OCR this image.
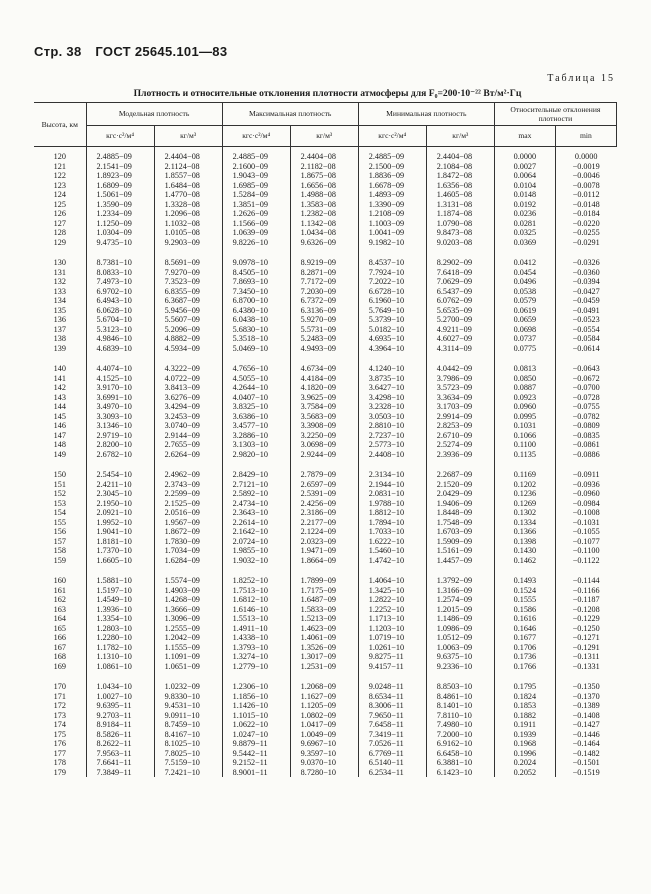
Стр. 38 ГОСТ 25645.101—83
Таблица 15
Плотность и относительные отклонения плотности атмосферы для F₀=200·10⁻²² Вт/м²·Гц
Высота, км	Модельная плотность		Максимальная плотность		Минимальная плотность		Относительные отклонения плотности	
	кгс·с²/м⁴	кг/м³	кгс·с²/м⁴	кг/м³	кгс·с²/м⁴	кг/м³	max	min
120	2.4885−09	2.4404−08	2.4885−09	2.4404−08	2.4885−09	2.4404−08	0.0000	0.0000
121	2.1541−09	2.1124−08	2.1600−09	2.1182−08	2.1500−09	2.1084−08	0.0027	−0.0019
122	1.8923−09	1.8557−08	1.9043−09	1.8675−08	1.8836−09	1.8472−08	0.0064	−0.0046
123	1.6809−09	1.6484−08	1.6985−09	1.6656−08	1.6678−09	1.6356−08	0.0104	−0.0078
124	1.5061−09	1.4770−08	1.5284−09	1.4988−08	1.4893−09	1.4605−08	0.0148	−0.0112
125	1.3590−09	1.3328−08	1.3851−09	1.3583−08	1.3390−09	1.3131−08	0.0192	−0.0148
126	1.2334−09	1.2096−08	1.2626−09	1.2382−08	1.2108−09	1.1874−08	0.0236	−0.0184
127	1.1250−09	1.1032−08	1.1566−09	1.1342−08	1.1003−09	1.0790−08	0.0281	−0.0220
128	1.0304−09	1.0105−08	1.0639−09	1.0434−08	1.0041−09	9.8473−08	0.0325	−0.0255
129	9.4735−10	9.2903−09	9.8226−10	9.6326−09	9.1982−10	9.0203−08	0.0369	−0.0291

130	8.7381−10	8.5691−09	9.0978−10	8.9219−09	8.4537−10	8.2902−09	0.0412	−0.0326
131	8.0833−10	7.9270−09	8.4505−10	8.2871−09	7.7924−10	7.6418−09	0.0454	−0.0360
132	7.4973−10	7.3523−09	7.8693−10	7.7172−09	7.2022−10	7.0629−09	0.0496	−0.0394
133	6.9702−10	6.8355−09	7.3450−10	7.2030−09	6.6728−10	6.5437−09	0.0538	−0.0427
134	6.4943−10	6.3687−09	6.8700−10	6.7372−09	6.1960−10	6.0762−09	0.0579	−0.0459
135	6.0628−10	5.9456−09	6.4380−10	6.3136−09	5.7649−10	5.6535−09	0.0619	−0.0491
136	5.6704−10	5.5607−09	6.0438−10	5.9270−09	5.3739−10	5.2700−09	0.0659	−0.0523
137	5.3123−10	5.2096−09	5.6830−10	5.5731−09	5.0182−10	4.9211−09	0.0698	−0.0554
138	4.9846−10	4.8882−09	5.3518−10	5.2483−09	4.6935−10	4.6027−09	0.0737	−0.0584
139	4.6839−10	4.5934−09	5.0469−10	4.9493−09	4.3964−10	4.3114−09	0.0775	−0.0614

140	4.4074−10	4.3222−09	4.7656−10	4.6734−09	4.1240−10	4.0442−09	0.0813	−0.0643
141	4.1525−10	4.0722−09	4.5055−10	4.4184−09	3.8735−10	3.7986−09	0.0850	−0.0672
142	3.9170−10	3.8413−09	4.2644−10	4.1820−09	3.6427−10	3.5723−09	0.0887	−0.0700
143	3.6991−10	3.6276−09	4.0407−10	3.9625−09	3.4298−10	3.3634−09	0.0923	−0.0728
144	3.4970−10	3.4294−09	3.8325−10	3.7584−09	3.2328−10	3.1703−09	0.0960	−0.0755
145	3.3093−10	3.2453−09	3.6386−10	3.5683−09	3.0503−10	2.9914−09	0.0995	−0.0782
146	3.1346−10	3.0740−09	3.4577−10	3.3908−09	2.8810−10	2.8253−09	0.1031	−0.0809
147	2.9719−10	2.9144−09	3.2886−10	3.2250−09	2.7237−10	2.6710−09	0.1066	−0.0835
148	2.8200−10	2.7655−09	3.1303−10	3.0698−09	2.5773−10	2.5274−09	0.1100	−0.0861
149	2.6782−10	2.6264−09	2.9820−10	2.9244−09	2.4408−10	2.3936−09	0.1135	−0.0886

150	2.5454−10	2.4962−09	2.8429−10	2.7879−09	2.3134−10	2.2687−09	0.1169	−0.0911
151	2.4211−10	2.3743−09	2.7121−10	2.6597−09	2.1944−10	2.1520−09	0.1202	−0.0936
152	2.3045−10	2.2599−09	2.5892−10	2.5391−09	2.0831−10	2.0429−09	0.1236	−0.0960
153	2.1950−10	2.1525−09	2.4734−10	2.4256−09	1.9788−10	1.9406−09	0.1269	−0.0984
154	2.0921−10	2.0516−09	2.3643−10	2.3186−09	1.8812−10	1.8448−09	0.1302	−0.1008
155	1.9952−10	1.9567−09	2.2614−10	2.2177−09	1.7894−10	1.7548−09	0.1334	−0.1031
156	1.9041−10	1.8672−09	2.1642−10	2.1224−09	1.7033−10	1.6703−09	0.1366	−0.1055
157	1.8181−10	1.7830−09	2.0724−10	2.0323−09	1.6222−10	1.5909−09	0.1398	−0.1077
158	1.7370−10	1.7034−09	1.9855−10	1.9471−09	1.5460−10	1.5161−09	0.1430	−0.1100
159	1.6605−10	1.6284−09	1.9032−10	1.8664−09	1.4742−10	1.4457−09	0.1462	−0.1122

160	1.5881−10	1.5574−09	1.8252−10	1.7899−09	1.4064−10	1.3792−09	0.1493	−0.1144
161	1.5197−10	1.4903−09	1.7513−10	1.7175−09	1.3425−10	1.3166−09	0.1524	−0.1166
162	1.4549−10	1.4268−09	1.6812−10	1.6487−09	1.2822−10	1.2574−09	0.1555	−0.1187
163	1.3936−10	1.3666−09	1.6146−10	1.5833−09	1.2252−10	1.2015−09	0.1586	−0.1208
164	1.3354−10	1.3096−09	1.5513−10	1.5213−09	1.1713−10	1.1486−09	0.1616	−0.1229
165	1.2803−10	1.2555−09	1.4911−10	1.4623−09	1.1203−10	1.0986−09	0.1646	−0.1250
166	1.2280−10	1.2042−09	1.4338−10	1.4061−09	1.0719−10	1.0512−09	0.1677	−0.1271
167	1.1782−10	1.1555−09	1.3793−10	1.3526−09	1.0261−10	1.0063−09	0.1706	−0.1291
168	1.1310−10	1.1091−09	1.3274−10	1.3017−09	9.8275−11	9.6375−10	0.1736	−0.1311
169	1.0861−10	1.0651−09	1.2779−10	1.2531−09	9.4157−11	9.2336−10	0.1766	−0.1331

170	1.0434−10	1.0232−09	1.2306−10	1.2068−09	9.0248−11	8.8503−10	0.1795	−0.1350
171	1.0027−10	9.8330−10	1.1856−10	1.1627−09	8.6534−11	8.4861−10	0.1824	−0.1370
172	9.6395−11	9.4531−10	1.1426−10	1.1205−09	8.3006−11	8.1401−10	0.1853	−0.1389
173	9.2703−11	9.0911−10	1.1015−10	1.0802−09	7.9650−11	7.8110−10	0.1882	−0.1408
174	8.9184−11	8.7459−10	1.0622−10	1.0417−09	7.6458−11	7.4980−10	0.1911	−0.1427
175	8.5826−11	8.4167−10	1.0247−10	1.0049−09	7.3419−11	7.2000−10	0.1939	−0.1446
176	8.2622−11	8.1025−10	9.8879−11	9.6967−10	7.0526−11	6.9162−10	0.1968	−0.1464
177	7.9563−11	7.8025−10	9.5442−11	9.3597−10	6.7769−11	6.6458−10	0.1996	−0.1482
178	7.6641−11	7.5159−10	9.2152−11	9.0370−10	6.5140−11	6.3881−10	0.2024	−0.1501
179	7.3849−11	7.2421−10	8.9001−11	8.7280−10	6.2534−11	6.1423−10	0.2052	−0.1519
